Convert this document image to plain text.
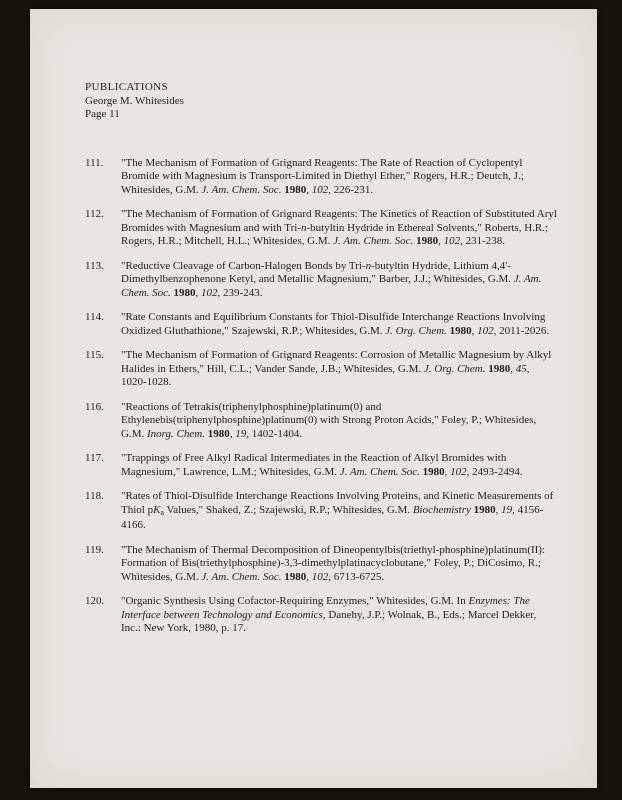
PUBLICATIONS
George M. Whitesides
Page 11
111.	"The Mechanism of Formation of Grignard Reagents: The Rate of Reaction of Cyclopentyl Bromide with Magnesium is Transport-Limited in Diethyl Ether," Rogers, H.R.; Deutch, J.; Whitesides, G.M. J. Am. Chem. Soc. 1980, 102, 226-231.
112.	"The Mechanism of Formation of Grignard Reagents: The Kinetics of Reaction of Substituted Aryl Bromides with Magnesium and with Tri-n-butyltin Hydride in Ethereal Solvents," Roberts, H.R.; Rogers, H.R.; Mitchell, H.L.; Whitesides, G.M. J. Am. Chem. Soc. 1980, 102, 231-238.
113.	"Reductive Cleavage of Carbon-Halogen Bonds by Tri-n-butyltin Hydride, Lithium 4,4'-Dimethylbenzophenone Ketyl, and Metallic Magnesium," Barber, J.J.; Whitesides, G.M. J. Am. Chem. Soc. 1980, 102, 239-243.
114.	"Rate Constants and Equilibrium Constants for Thiol-Disulfide Interchange Reactions Involving Oxidized Gluthathione," Szajewski, R.P.; Whitesides, G.M. J. Org. Chem. 1980, 102, 2011-2026.
115.	"The Mechanism of Formation of Grignard Reagents: Corrosion of Metallic Magnesium by Alkyl Halides in Ethers," Hill, C.L.; Vander Sande, J.B.; Whitesides, G.M. J. Org. Chem. 1980, 45, 1020-1028.
116.	"Reactions of Tetrakis(triphenylphosphine)platinum(0) and Ethylenebis(triphenylphosphine)platinum(0) with Strong Proton Acids," Foley, P.; Whitesides, G.M. Inorg. Chem. 1980, 19, 1402-1404.
117.	"Trappings of Free Alkyl Radical Intermediates in the Reaction of Alkyl Bromides with Magnesium," Lawrence, L.M.; Whitesides, G.M. J. Am. Chem. Soc. 1980, 102, 2493-2494.
118.	"Rates of Thiol-Disulfide Interchange Reactions Involving Proteins, and Kinetic Measurements of Thiol $pK_a$ Values," Shaked, Z.; Szajewski, R.P.; Whitesides, G.M. Biochemistry 1980, 19, 4156-4166.
119.	"The Mechanism of Thermal Decomposition of Dineopentylbis(triethyl-phosphine)platinum(II): Formation of Bis(triethylphosphine)-3,3-dimethylplatinacyclobutane," Foley, P.; DiCosimo, R.; Whitesides, G.M. J. Am. Chem. Soc. 1980, 102, 6713-6725.
120.	"Organic Synthesis Using Cofactor-Requiring Enzymes," Whitesides, G.M. In Enzymes: The Interface between Technology and Economics, Danehy, J.P.; Wolnak, B., Eds.; Marcel Dekker, Inc.: New York, 1980, p. 17.
